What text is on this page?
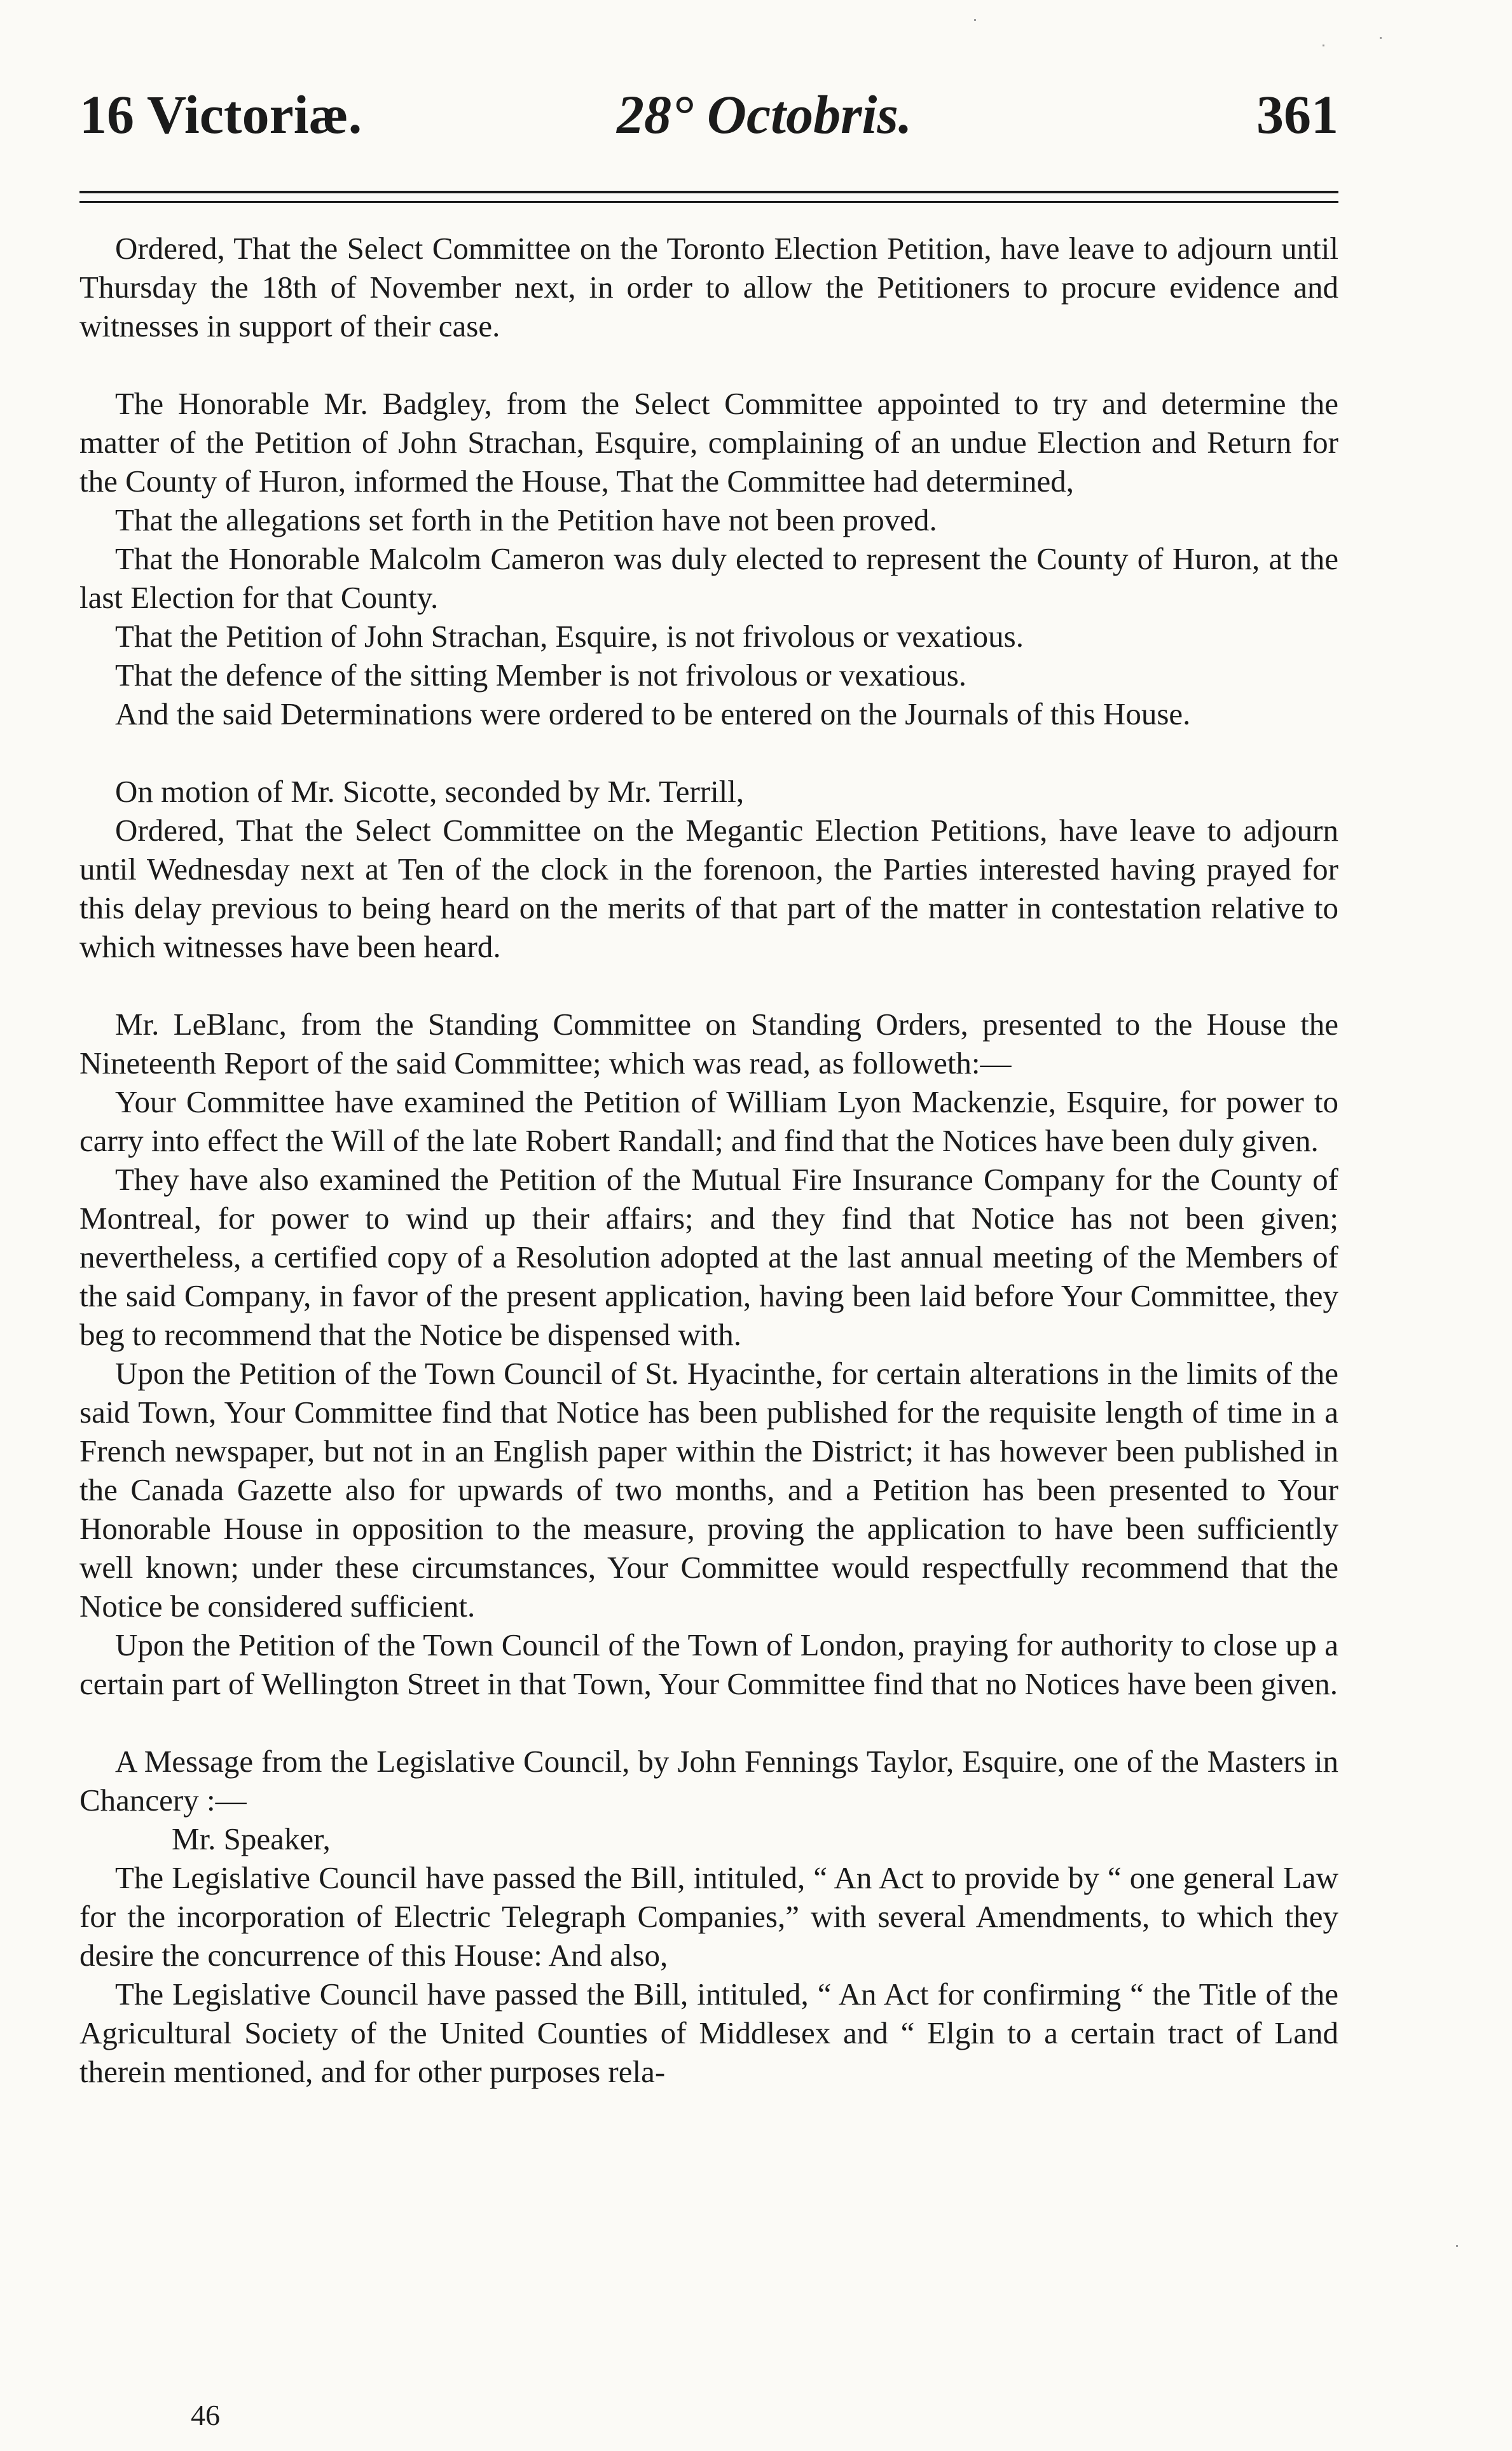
16 Victoriæ.	28° Octobris.	361

Ordered, That the Select Committee on the Toronto Election Petition, have leave to adjourn until Thursday the 18th of November next, in order to allow the Petitioners to procure evidence and witnesses in support of their case.

The Honorable Mr. Badgley, from the Select Committee appointed to try and determine the matter of the Petition of John Strachan, Esquire, complaining of an undue Election and Return for the County of Huron, informed the House, That the Committee had determined,

That the allegations set forth in the Petition have not been proved.

That the Honorable Malcolm Cameron was duly elected to represent the County of Huron, at the last Election for that County.

That the Petition of John Strachan, Esquire, is not frivolous or vexatious.

That the defence of the sitting Member is not frivolous or vexatious.

And the said Determinations were ordered to be entered on the Journals of this House.

On motion of Mr. Sicotte, seconded by Mr. Terrill,

Ordered, That the Select Committee on the Megantic Election Petitions, have leave to adjourn until Wednesday next at Ten of the clock in the forenoon, the Parties interested having prayed for this delay previous to being heard on the merits of that part of the matter in contestation relative to which witnesses have been heard.

Mr. LeBlanc, from the Standing Committee on Standing Orders, presented to the House the Nineteenth Report of the said Committee; which was read, as followeth:—

Your Committee have examined the Petition of William Lyon Mackenzie, Esquire, for power to carry into effect the Will of the late Robert Randall; and find that the Notices have been duly given.

They have also examined the Petition of the Mutual Fire Insurance Company for the County of Montreal, for power to wind up their affairs; and they find that Notice has not been given; nevertheless, a certified copy of a Resolution adopted at the last annual meeting of the Members of the said Company, in favor of the present application, having been laid before Your Committee, they beg to recommend that the Notice be dispensed with.

Upon the Petition of the Town Council of St. Hyacinthe, for certain alterations in the limits of the said Town, Your Committee find that Notice has been published for the requisite length of time in a French newspaper, but not in an English paper within the District; it has however been published in the Canada Gazette also for upwards of two months, and a Petition has been presented to Your Honorable House in opposition to the measure, proving the application to have been sufficiently well known; under these circumstances, Your Committee would respectfully recommend that the Notice be considered sufficient.

Upon the Petition of the Town Council of the Town of London, praying for authority to close up a certain part of Wellington Street in that Town, Your Committee find that no Notices have been given.

A Message from the Legislative Council, by John Fennings Taylor, Esquire, one of the Masters in Chancery :—

Mr. Speaker,

The Legislative Council have passed the Bill, intituled, “ An Act to provide by “ one general Law for the incorporation of Electric Telegraph Companies,” with several Amendments, to which they desire the concurrence of this House: And also,

The Legislative Council have passed the Bill, intituled, “ An Act for confirming “ the Title of the Agricultural Society of the United Counties of Middlesex and “ Elgin to a certain tract of Land therein mentioned, and for other purposes rela-

46
